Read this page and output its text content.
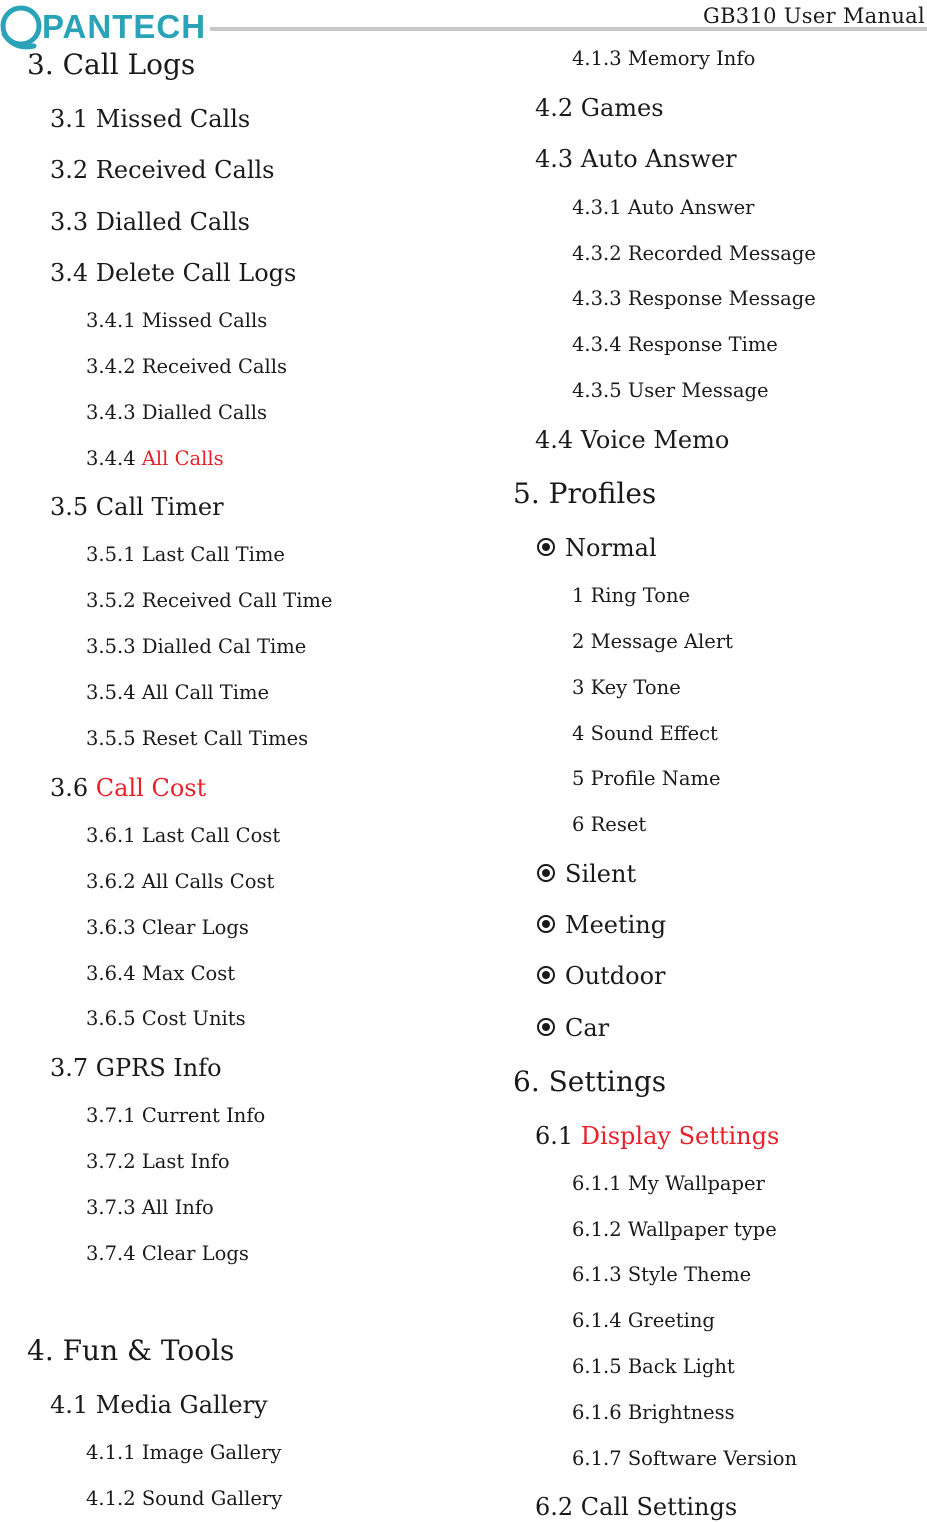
PANTECH	GB310 User Manual
3. Call Logs
3.1 Missed Calls
3.2 Received Calls
3.3 Dialled Calls
3.4 Delete Call Logs
3.4.1 Missed Calls
3.4.2 Received Calls
3.4.3 Dialled Calls
3.4.4 All Calls
3.5 Call Timer
3.5.1 Last Call Time
3.5.2 Received Call Time
3.5.3 Dialled Cal Time
3.5.4 All Call Time
3.5.5 Reset Call Times
3.6 Call Cost
3.6.1 Last Call Cost
3.6.2 All Calls Cost
3.6.3 Clear Logs
3.6.4 Max Cost
3.6.5 Cost Units
3.7 GPRS Info
3.7.1 Current Info
3.7.2 Last Info
3.7.3 All Info
3.7.4 Clear Logs
4. Fun & Tools
4.1 Media Gallery
4.1.1 Image Gallery
4.1.2 Sound Gallery
4.1.3 Memory Info
4.2 Games
4.3 Auto Answer
4.3.1 Auto Answer
4.3.2 Recorded Message
4.3.3 Response Message
4.3.4 Response Time
4.3.5 User Message
4.4 Voice Memo
5. Profiles
Normal
1 Ring Tone
2 Message Alert
3 Key Tone
4 Sound Effect
5 Profile Name
6 Reset
Silent
Meeting
Outdoor
Car
6. Settings
6.1 Display Settings
6.1.1 My Wallpaper
6.1.2 Wallpaper type
6.1.3 Style Theme
6.1.4 Greeting
6.1.5 Back Light
6.1.6 Brightness
6.1.7 Software Version
6.2 Call Settings
